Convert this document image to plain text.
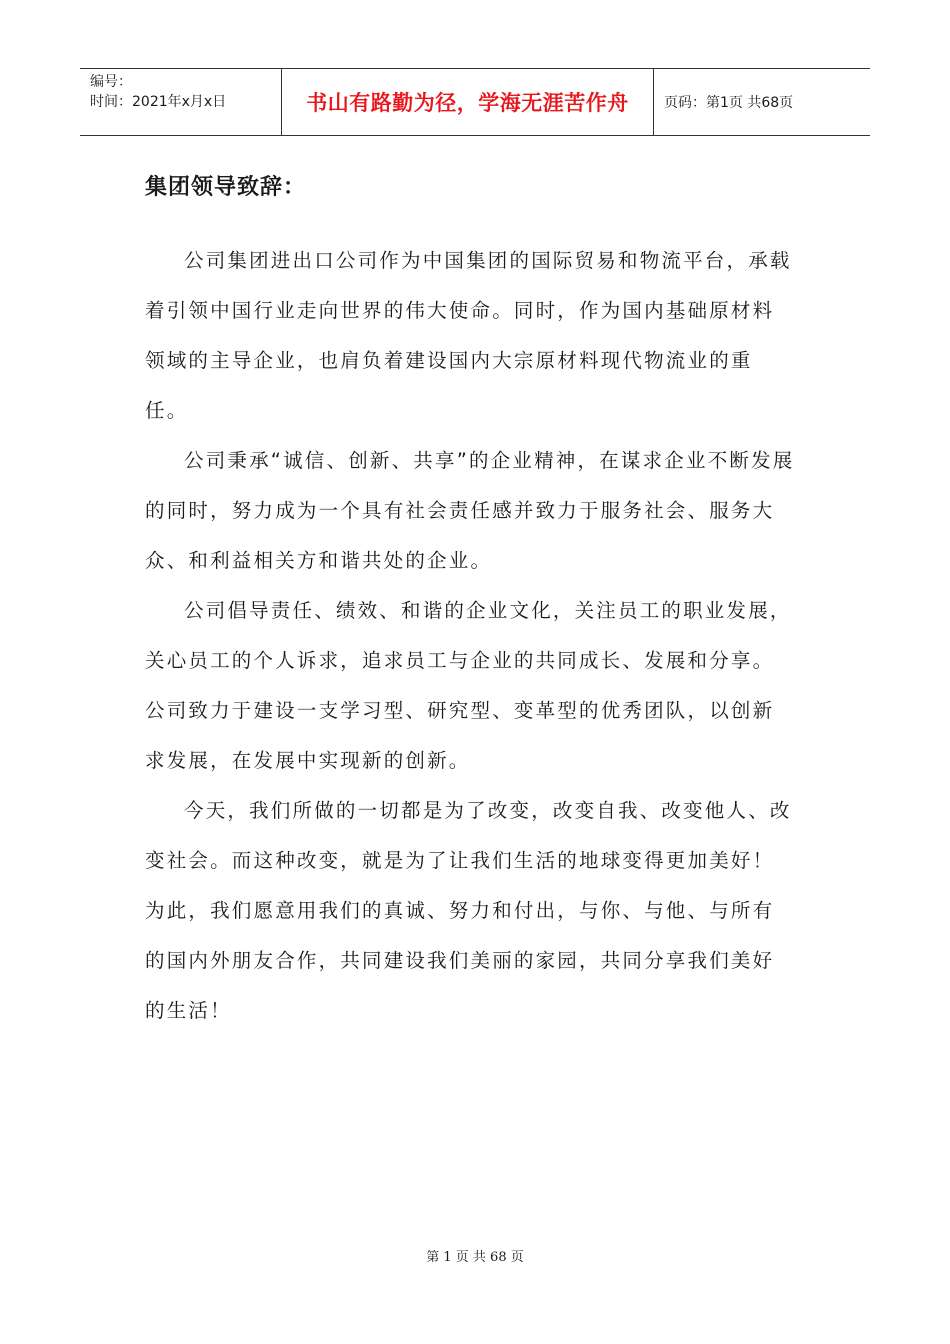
编号：
时间：2021年x月x日	书山有路勤为径，学海无涯苦作舟	页码：第1页 共68页
集团领导致辞：

公司集团进出口公司作为中国集团的国际贸易和物流平台，承载着引领中国行业走向世界的伟大使命。同时，作为国内基础原材料领域的主导企业，也肩负着建设国内大宗原材料现代物流业的重任。

公司秉承“诚信、创新、共享”的企业精神，在谋求企业不断发展的同时，努力成为一个具有社会责任感并致力于服务社会、服务大众、和利益相关方和谐共处的企业。

公司倡导责任、绩效、和谐的企业文化，关注员工的职业发展，关心员工的个人诉求，追求员工与企业的共同成长、发展和分享。公司致力于建设一支学习型、研究型、变革型的优秀团队，以创新求发展，在发展中实现新的创新。

今天，我们所做的一切都是为了改变，改变自我、改变他人、改变社会。而这种改变，就是为了让我们生活的地球变得更加美好！为此，我们愿意用我们的真诚、努力和付出，与你、与他、与所有的国内外朋友合作，共同建设我们美丽的家园，共同分享我们美好的生活！

第 1 页 共 68 页
